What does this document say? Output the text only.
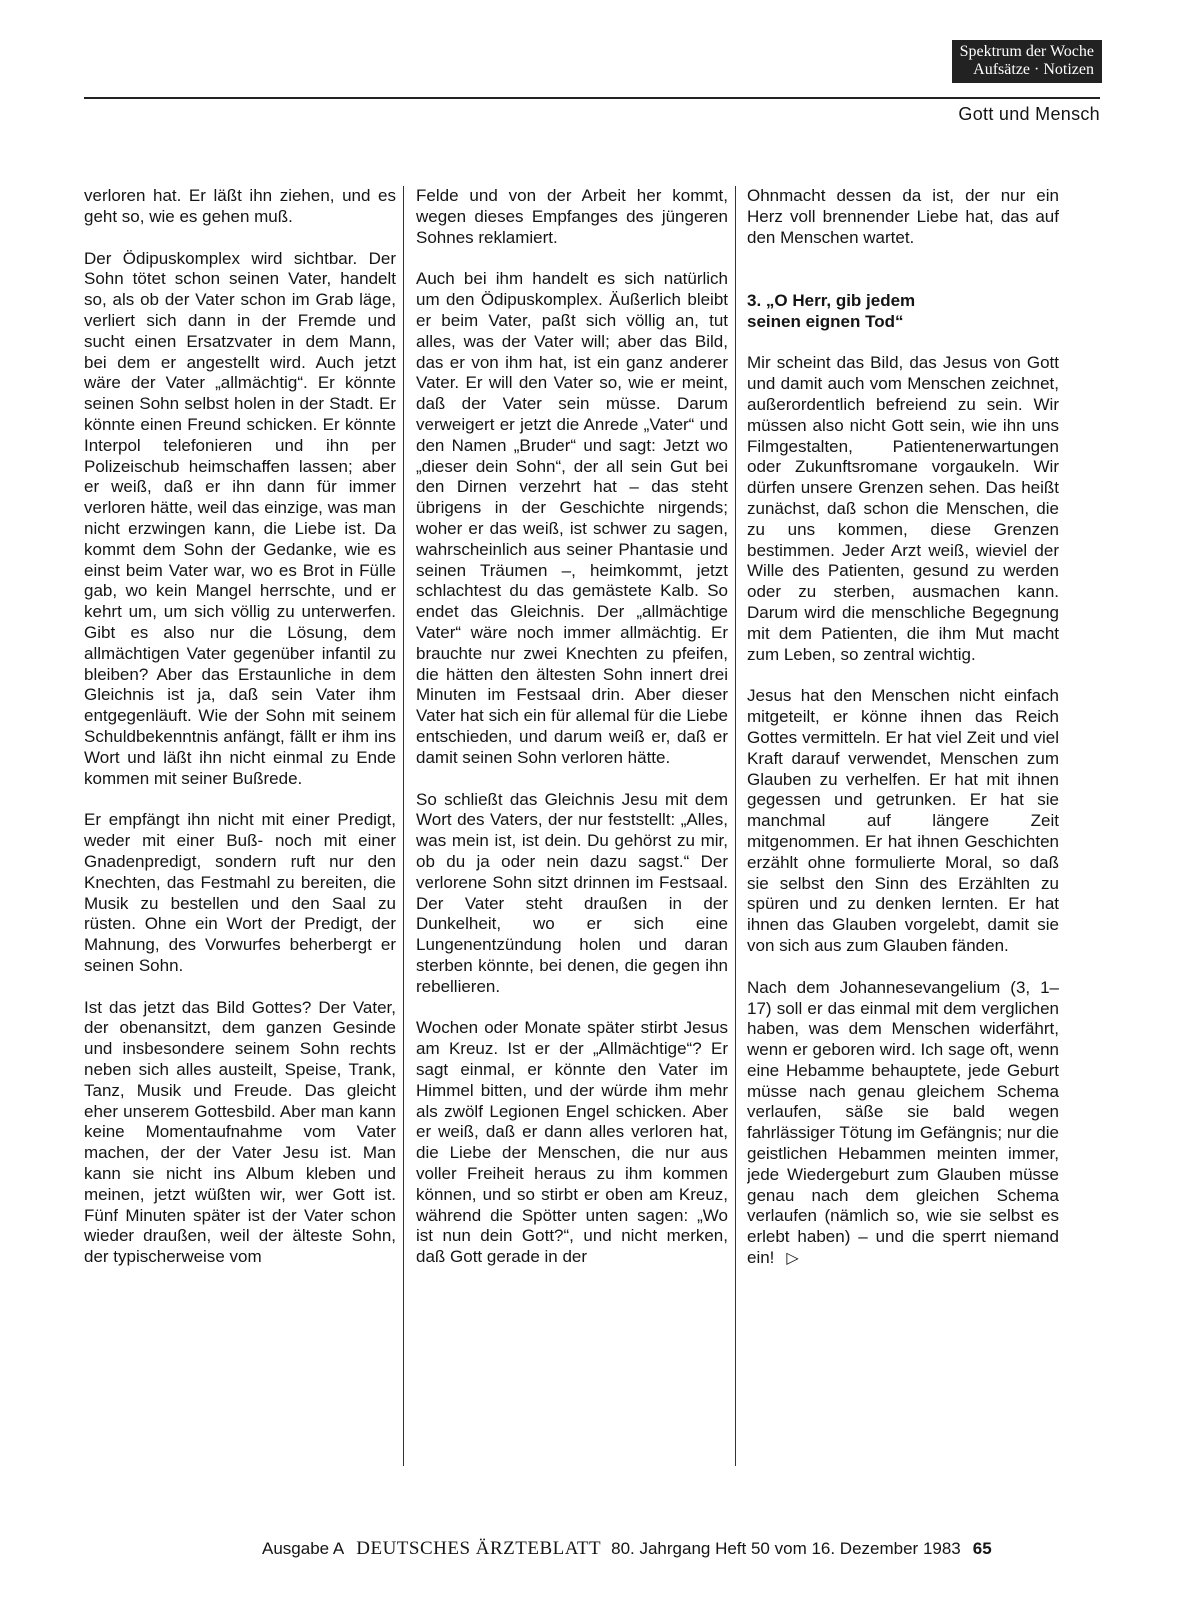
Spektrum der Woche
Aufsätze · Notizen
Gott und Mensch

verloren hat. Er läßt ihn ziehen, und es geht so, wie es gehen muß.

Der Ödipuskomplex wird sichtbar. Der Sohn tötet schon seinen Vater, handelt so, als ob der Vater schon im Grab läge, verliert sich dann in der Fremde und sucht einen Ersatzvater in dem Mann, bei dem er angestellt wird. Auch jetzt wäre der Vater „allmächtig“. Er könnte seinen Sohn selbst holen in der Stadt. Er könnte einen Freund schicken. Er könnte Interpol telefonieren und ihn per Polizeischub heimschaffen lassen; aber er weiß, daß er ihn dann für immer verloren hätte, weil das einzige, was man nicht erzwingen kann, die Liebe ist. Da kommt dem Sohn der Gedanke, wie es einst beim Vater war, wo es Brot in Fülle gab, wo kein Mangel herrschte, und er kehrt um, um sich völlig zu unterwerfen. Gibt es also nur die Lösung, dem allmächtigen Vater gegenüber infantil zu bleiben? Aber das Erstaunliche in dem Gleichnis ist ja, daß sein Vater ihm entgegenläuft. Wie der Sohn mit seinem Schuldbekenntnis anfängt, fällt er ihm ins Wort und läßt ihn nicht einmal zu Ende kommen mit seiner Bußrede.

Er empfängt ihn nicht mit einer Predigt, weder mit einer Buß- noch mit einer Gnadenpredigt, sondern ruft nur den Knechten, das Festmahl zu bereiten, die Musik zu bestellen und den Saal zu rüsten. Ohne ein Wort der Predigt, der Mahnung, des Vorwurfes beherbergt er seinen Sohn.

Ist das jetzt das Bild Gottes? Der Vater, der obenansitzt, dem ganzen Gesinde und insbesondere seinem Sohn rechts neben sich alles austeilt, Speise, Trank, Tanz, Musik und Freude. Das gleicht eher unserem Gottesbild. Aber man kann keine Momentaufnahme vom Vater machen, der der Vater Jesu ist. Man kann sie nicht ins Album kleben und meinen, jetzt wüßten wir, wer Gott ist. Fünf Minuten später ist der Vater schon wieder draußen, weil der älteste Sohn, der typischerweise vom

Felde und von der Arbeit her kommt, wegen dieses Empfanges des jüngeren Sohnes reklamiert.

Auch bei ihm handelt es sich natürlich um den Ödipuskomplex. Äußerlich bleibt er beim Vater, paßt sich völlig an, tut alles, was der Vater will; aber das Bild, das er von ihm hat, ist ein ganz anderer Vater. Er will den Vater so, wie er meint, daß der Vater sein müsse. Darum verweigert er jetzt die Anrede „Vater“ und den Namen „Bruder“ und sagt: Jetzt wo „dieser dein Sohn“, der all sein Gut bei den Dirnen verzehrt hat – das steht übrigens in der Geschichte nirgends; woher er das weiß, ist schwer zu sagen, wahrscheinlich aus seiner Phantasie und seinen Träumen –, heimkommt, jetzt schlachtest du das gemästete Kalb. So endet das Gleichnis. Der „allmächtige Vater“ wäre noch immer allmächtig. Er brauchte nur zwei Knechten zu pfeifen, die hätten den ältesten Sohn innert drei Minuten im Festsaal drin. Aber dieser Vater hat sich ein für allemal für die Liebe entschieden, und darum weiß er, daß er damit seinen Sohn verloren hätte.

So schließt das Gleichnis Jesu mit dem Wort des Vaters, der nur feststellt: „Alles, was mein ist, ist dein. Du gehörst zu mir, ob du ja oder nein dazu sagst.“ Der verlorene Sohn sitzt drinnen im Festsaal. Der Vater steht draußen in der Dunkelheit, wo er sich eine Lungenentzündung holen und daran sterben könnte, bei denen, die gegen ihn rebellieren.

Wochen oder Monate später stirbt Jesus am Kreuz. Ist er der „Allmächtige“? Er sagt einmal, er könnte den Vater im Himmel bitten, und der würde ihm mehr als zwölf Legionen Engel schicken. Aber er weiß, daß er dann alles verloren hat, die Liebe der Menschen, die nur aus voller Freiheit heraus zu ihm kommen können, und so stirbt er oben am Kreuz, während die Spötter unten sagen: „Wo ist nun dein Gott?“, und nicht merken, daß Gott gerade in der

Ohnmacht dessen da ist, der nur ein Herz voll brennender Liebe hat, das auf den Menschen wartet.

3. „O Herr, gib jedem
seinen eignen Tod“

Mir scheint das Bild, das Jesus von Gott und damit auch vom Menschen zeichnet, außerordentlich befreiend zu sein. Wir müssen also nicht Gott sein, wie ihn uns Filmgestalten, Patientenerwartungen oder Zukunftsromane vorgaukeln. Wir dürfen unsere Grenzen sehen. Das heißt zunächst, daß schon die Menschen, die zu uns kommen, diese Grenzen bestimmen. Jeder Arzt weiß, wieviel der Wille des Patienten, gesund zu werden oder zu sterben, ausmachen kann. Darum wird die menschliche Begegnung mit dem Patienten, die ihm Mut macht zum Leben, so zentral wichtig.

Jesus hat den Menschen nicht einfach mitgeteilt, er könne ihnen das Reich Gottes vermitteln. Er hat viel Zeit und viel Kraft darauf verwendet, Menschen zum Glauben zu verhelfen. Er hat mit ihnen gegessen und getrunken. Er hat sie manchmal auf längere Zeit mitgenommen. Er hat ihnen Geschichten erzählt ohne formulierte Moral, so daß sie selbst den Sinn des Erzählten zu spüren und zu denken lernten. Er hat ihnen das Glauben vorgelebt, damit sie von sich aus zum Glauben fänden.

Nach dem Johannesevangelium (3, 1–17) soll er das einmal mit dem verglichen haben, was dem Menschen widerfährt, wenn er geboren wird. Ich sage oft, wenn eine Hebamme behauptete, jede Geburt müsse nach genau gleichem Schema verlaufen, säße sie bald wegen fahrlässiger Tötung im Gefängnis; nur die geistlichen Hebammen meinten immer, jede Wiedergeburt zum Glauben müsse genau nach dem gleichen Schema verlaufen (nämlich so, wie sie selbst es erlebt haben) – und die sperrt niemand ein! ▷

Ausgabe A DEUTSCHES ÄRZTEBLATT 80. Jahrgang Heft 50 vom 16. Dezember 1983 65
